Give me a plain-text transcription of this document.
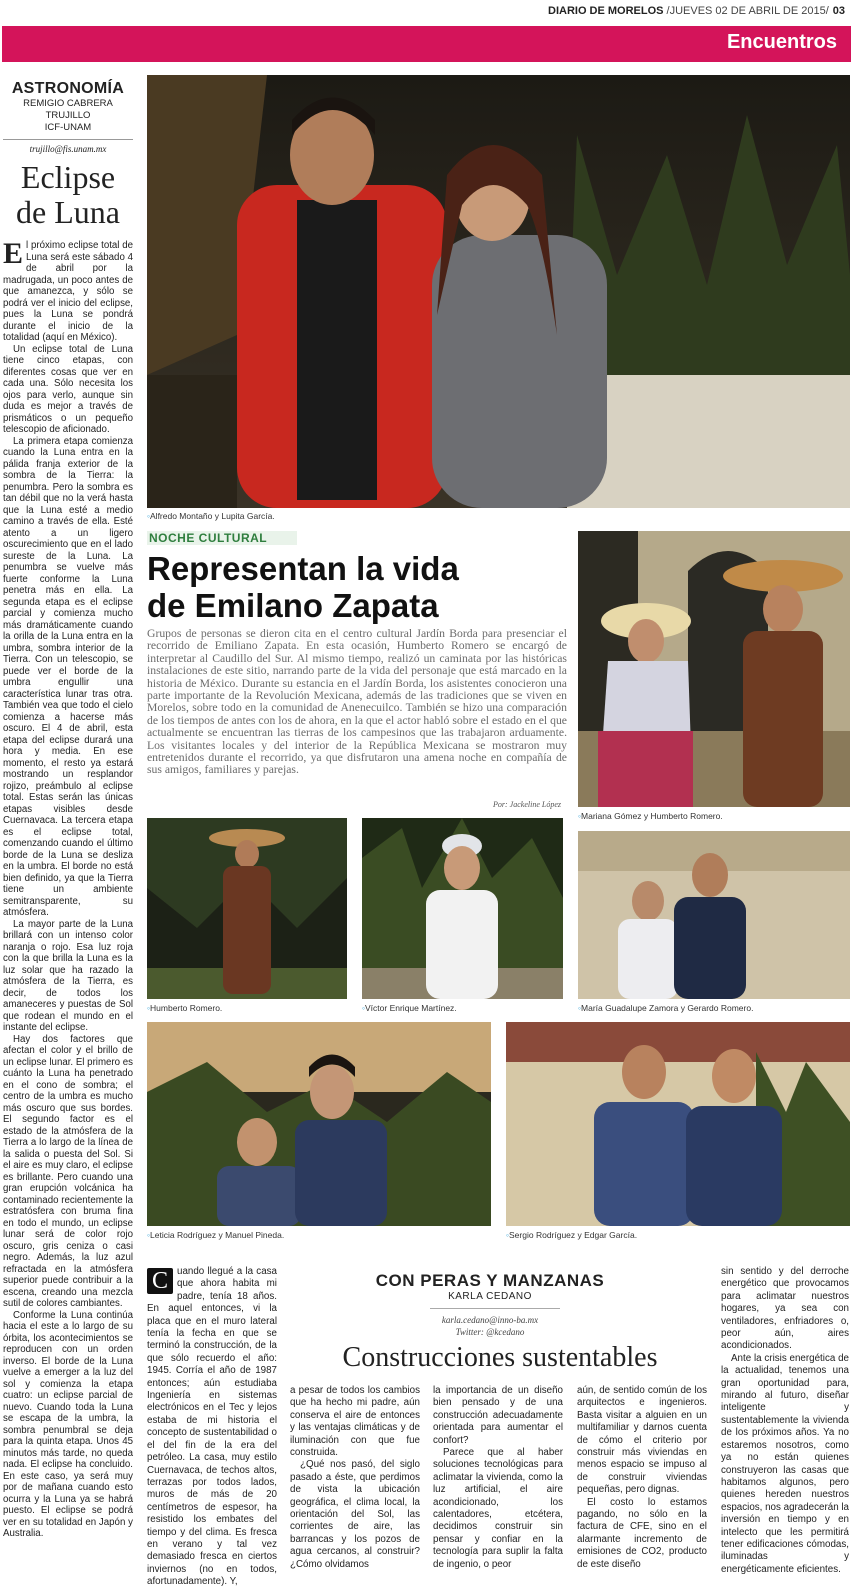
DIARIO DE MORELOS /JUEVES 02 DE ABRIL DE 2015/ 03
Encuentros
ASTRONOMÍA
REMIGIO CABRERA TRUJILLO
ICF-UNAM
trujillo@fis.unam.mx
Eclipse
de Luna

El próximo eclipse total de Luna será este sábado 4 de abril por la madrugada, un poco antes de que amanezca, y sólo se podrá ver el inicio del eclipse, pues la Luna se pondrá durante el inicio de la totalidad (aquí en México).

Un eclipse total de Luna tiene cinco etapas, con diferentes cosas que ver en cada una. Sólo necesita los ojos para verlo, aunque sin duda es mejor a través de prismáticos o un pequeño telescopio de aficionado.

La primera etapa comienza cuando la Luna entra en la pálida franja exterior de la sombra de la Tierra: la penumbra. Pero la sombra es tan débil que no la verá hasta que la Luna esté a medio camino a través de ella. Esté atento a un ligero oscurecimiento que en el lado sureste de la Luna. La penumbra se vuelve más fuerte conforme la Luna penetra más en ella. La segunda etapa es el eclipse parcial y comienza mucho más dramáticamente cuando la orilla de la Luna entra en la umbra, sombra interior de la Tierra. Con un telescopio, se puede ver el borde de la umbra engullir una característica lunar tras otra. También vea que todo el cielo comienza a hacerse más oscuro. El 4 de abril, esta etapa del eclipse durará una hora y media. En ese momento, el resto ya estará mostrando un resplandor rojizo, preámbulo al eclipse total. Estas serán las únicas etapas visibles desde Cuernavaca. La tercera etapa es el eclipse total, comenzando cuando el último borde de la Luna se desliza en la umbra. El borde no está bien definido, ya que la Tierra tiene un ambiente semitransparente, su atmósfera.

La mayor parte de la Luna brillará con un intenso color naranja o rojo. Esa luz roja con la que brilla la Luna es la luz solar que ha razado la atmósfera de la Tierra, es decir, de todos los amaneceres y puestas de Sol que rodean el mundo en el instante del eclipse.

Hay dos factores que afectan el color y el brillo de un eclipse lunar. El primero es cuánto la Luna ha penetrado en el cono de sombra; el centro de la umbra es mucho más oscuro que sus bordes. El segundo factor es el estado de la atmósfera de la Tierra a lo largo de la línea de la salida o puesta del Sol. Si el aire es muy claro, el eclipse es brillante. Pero cuando una gran erupción volcánica ha contaminado recientemente la estratósfera con bruma fina en todo el mundo, un eclipse lunar será de color rojo oscuro, gris ceniza o casi negro. Además, la luz azul refractada en la atmósfera superior puede contribuir a la escena, creando una mezcla sutil de colores cambiantes.

Conforme la Luna continúa hacia el este a lo largo de su órbita, los acontecimientos se reproducen con un orden inverso. El borde de la Luna vuelve a emerger a la luz del sol y comienza la etapa cuatro: un eclipse parcial de nuevo. Cuando toda la Luna se escapa de la umbra, la sombra penumbral se deja para la quinta etapa. Unos 45 minutos más tarde, no queda nada. El eclipse ha concluido. En este caso, ya será muy por de mañana cuando esto ocurra y la Luna ya se habrá puesto. El eclipse se podrá ver en su totalidad en Japón y Australia.

◦Alfredo Montaño y Lupita García.
NOCHE CULTURAL
Representan la vida
de Emilano Zapata
Grupos de personas se dieron cita en el centro cultural Jardín Borda para presenciar el recorrido de Emiliano Zapata. En esta ocasión, Humberto Romero se encargó de interpretar al Caudillo del Sur. Al mismo tiempo, realizó un caminata por las históricas instalaciones de este sitio, narrando parte de la vida del personaje que está marcado en la historia de México. Durante su estancia en el Jardín Borda, los asistentes conocieron una parte importante de la Revolución Mexicana, además de las tradiciones que se viven en Morelos, sobre todo en la comunidad de Anenecuilco. También se hizo una comparación de los tiempos de antes con los de ahora, en la que el actor habló sobre el estado en el que actualmente se encuentran las tierras de los campesinos que las trabajaron arduamente. Los visitantes locales y del interior de la República Mexicana se mostraron muy entretenidos durante el recorrido, ya que disfrutaron una amena noche en compañía de sus amigos, familiares y parejas.
Por: Jackeline López
◦Mariana Gómez y Humberto Romero.
◦Humberto Romero.	◦Víctor Enrique Martínez.	◦María Guadalupe Zamora y Gerardo Romero.
◦Leticia Rodríguez y Manuel Pineda.	◦Sergio Rodríguez y Edgar García.
CON PERAS Y MANZANAS
KARLA CEDANO
karla.cedano@inno-ba.mx
Twitter: @kcedano
Construcciones sustentables

C uando llegué a la casa que ahora habita mi padre, tenía 18 años. En aquel entonces, vi la placa que en el muro lateral tenía la fecha en que se terminó la construcción, de la que sólo recuerdo el año: 1945. Corría el año de 1987 entonces; aún estudiaba Ingeniería en sistemas electrónicos en el Tec y lejos estaba de mi historia el concepto de sustentabilidad o el del fin de la era del petróleo. La casa, muy estilo Cuernavaca, de techos altos, terrazas por todos lados, muros de más de 20 centímetros de espesor, ha resistido los embates del tiempo y del clima. Es fresca en verano y tal vez demasiado fresca en ciertos inviernos (no en todos, afortunadamente). Y,

a pesar de todos los cambios que ha hecho mi padre, aún conserva el aire de entonces y las ventajas climáticas y de iluminación con que fue construida.

¿Qué nos pasó, del siglo pasado a éste, que perdimos de vista la ubicación geográfica, el clima local, la orientación del Sol, las corrientes de aire, las barrancas y los pozos de agua cercanos, al construir? ¿Cómo olvidamos

la importancia de un diseño bien pensado y de una construcción adecuadamente orientada para aumentar el confort?

Parece que al haber soluciones tecnológicas para aclimatar la vivienda, como la luz artificial, el aire acondicionado, los calentadores, etcétera, decidimos construir sin pensar y confiar en la tecnología para suplir la falta de ingenio, o peor

aún, de sentido común de los arquitectos e ingenieros. Basta visitar a alguien en un multifamiliar y darnos cuenta de cómo el criterio por construir más viviendas en menos espacio se impuso al de construir viviendas pequeñas, pero dignas.

El costo lo estamos pagando, no sólo en la factura de CFE, sino en el alarmante incremento de emisiones de CO2, producto de este diseño

sin sentido y del derroche energético que provocamos para aclimatar nuestros hogares, ya sea con ventiladores, enfriadores o, peor aún, aires acondicionados.

Ante la crisis energética de la actualidad, tenemos una gran oportunidad para, mirando al futuro, diseñar inteligente y sustentablemente la vivienda de los próximos años. Ya no estaremos nosotros, como ya no están quienes construyeron las casas que habitamos algunos, pero quienes hereden nuestros espacios, nos agradecerán la inversión en tiempo y en intelecto que les permitirá tener edificaciones cómodas, iluminadas y energéticamente eficientes.
